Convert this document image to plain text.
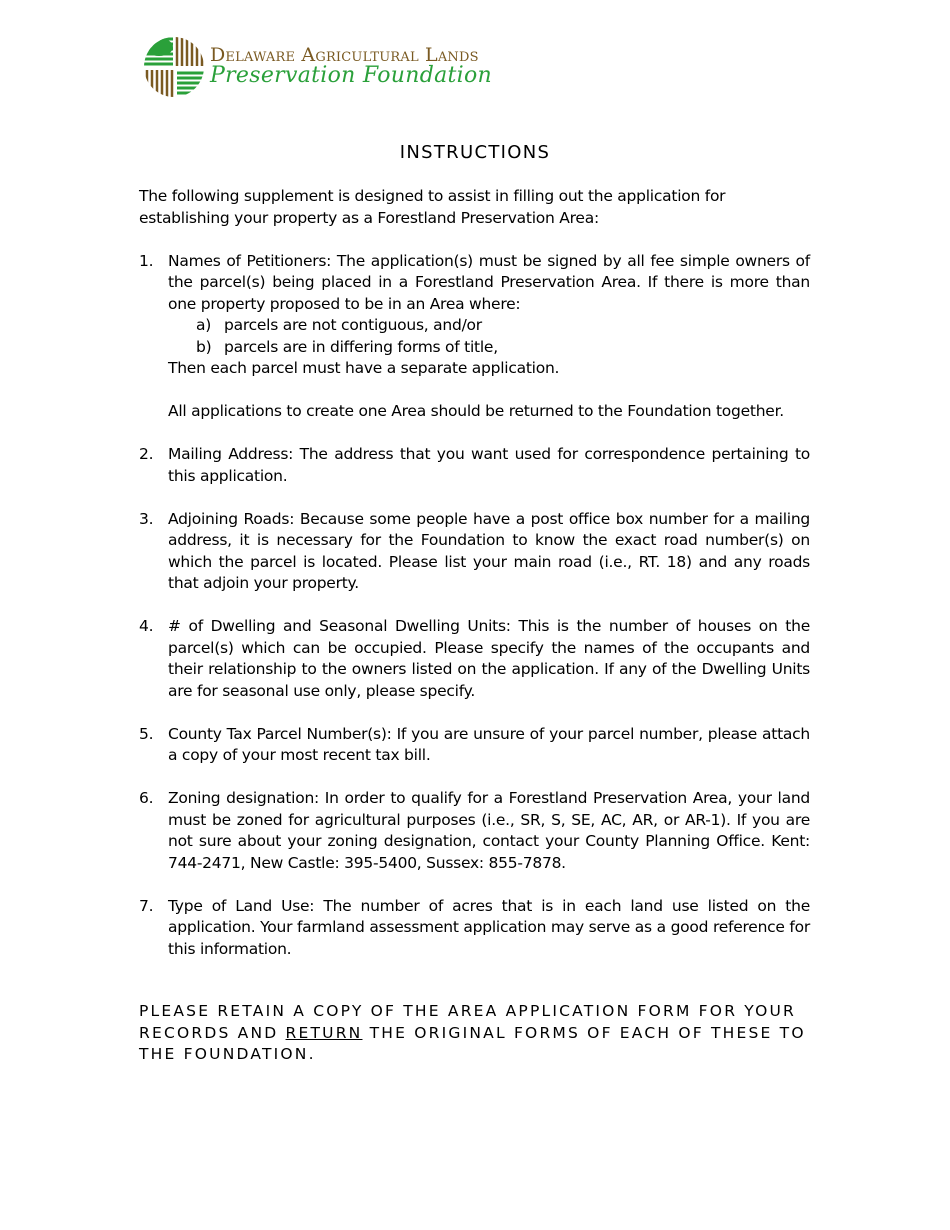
Delaware Agricultural Lands
Preservation Foundation
INSTRUCTIONS

The following supplement is designed to assist in filling out the application for establishing your property as a Forestland Preservation Area:

1. Names of Petitioners: The application(s) must be signed by all fee simple owners of the parcel(s) being placed in a Forestland Preservation Area. If there is more than one property proposed to be in an Area where:

a) parcels are not contiguous, and/or
b) parcels are in differing forms of title,

Then each parcel must have a separate application.

All applications to create one Area should be returned to the Foundation together.

2. Mailing Address: The address that you want used for correspondence pertaining to this application.

3. Adjoining Roads: Because some people have a post office box number for a mailing address, it is necessary for the Foundation to know the exact road number(s) on which the parcel is located. Please list your main road (i.e., RT. 18) and any roads that adjoin your property.

4. # of Dwelling and Seasonal Dwelling Units: This is the number of houses on the parcel(s) which can be occupied. Please specify the names of the occupants and their relationship to the owners listed on the application. If any of the Dwelling Units are for seasonal use only, please specify.

5. County Tax Parcel Number(s): If you are unsure of your parcel number, please attach a copy of your most recent tax bill.

6. Zoning designation: In order to qualify for a Forestland Preservation Area, your land must be zoned for agricultural purposes (i.e., SR, S, SE, AC, AR, or AR-1). If you are not sure about your zoning designation, contact your County Planning Office. Kent: 744-2471, New Castle: 395-5400, Sussex: 855-7878.

7. Type of Land Use: The number of acres that is in each land use listed on the application. Your farmland assessment application may serve as a good reference for this information.

PLEASE RETAIN A COPY OF THE AREA APPLICATION FORM FOR YOUR RECORDS AND RETURN THE ORIGINAL FORMS OF EACH OF THESE TO THE FOUNDATION.
